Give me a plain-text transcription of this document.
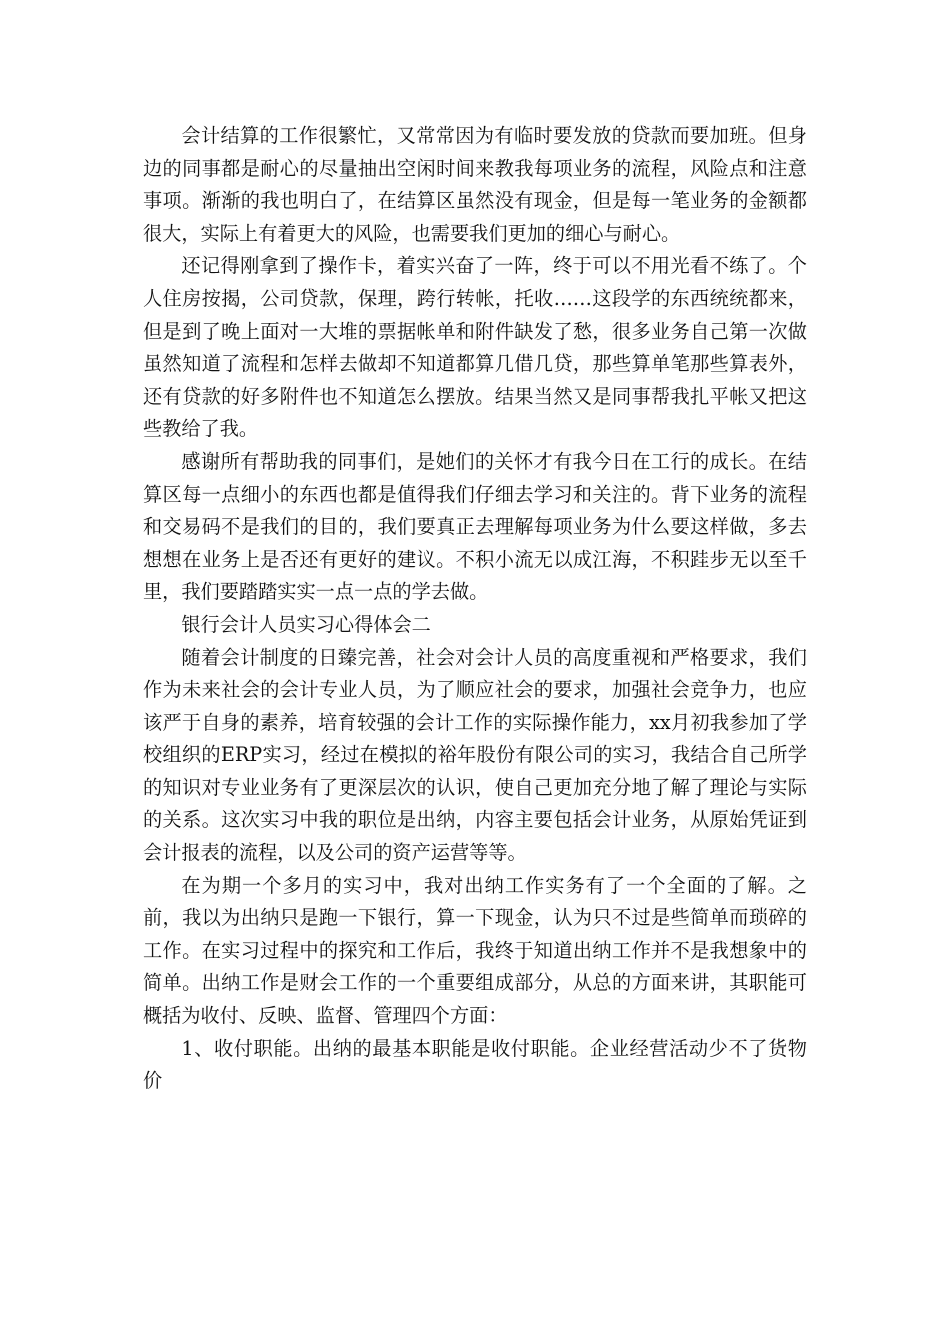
会计结算的工作很繁忙，又常常因为有临时要发放的贷款而要加班。但身边的同事都是耐心的尽量抽出空闲时间来教我每项业务的流程，风险点和注意事项。渐渐的我也明白了，在结算区虽然没有现金，但是每一笔业务的金额都很大，实际上有着更大的风险，也需要我们更加的细心与耐心。

还记得刚拿到了操作卡，着实兴奋了一阵，终于可以不用光看不练了。个人住房按揭，公司贷款，保理，跨行转帐，托收……这段学的东西统统都来，但是到了晚上面对一大堆的票据帐单和附件缺发了愁，很多业务自己第一次做虽然知道了流程和怎样去做却不知道都算几借几贷，那些算单笔那些算表外，还有贷款的好多附件也不知道怎么摆放。结果当然又是同事帮我扎平帐又把这些教给了我。

感谢所有帮助我的同事们，是她们的关怀才有我今日在工行的成长。在结算区每一点细小的东西也都是值得我们仔细去学习和关注的。背下业务的流程和交易码不是我们的目的，我们要真正去理解每项业务为什么要这样做，多去想想在业务上是否还有更好的建议。不积小流无以成江海，不积跬步无以至千里，我们要踏踏实实一点一点的学去做。

银行会计人员实习心得体会二

随着会计制度的日臻完善，社会对会计人员的高度重视和严格要求，我们作为未来社会的会计专业人员，为了顺应社会的要求，加强社会竞争力，也应该严于自身的素养，培育较强的会计工作的实际操作能力，xx月初我参加了学校组织的ERP实习，经过在模拟的裕年股份有限公司的实习，我结合自己所学的知识对专业业务有了更深层次的认识，使自己更加充分地了解了理论与实际的关系。这次实习中我的职位是出纳，内容主要包括会计业务，从原始凭证到会计报表的流程，以及公司的资产运营等等。

在为期一个多月的实习中，我对出纳工作实务有了一个全面的了解。之前，我以为出纳只是跑一下银行，算一下现金，认为只不过是些简单而琐碎的工作。在实习过程中的探究和工作后，我终于知道出纳工作并不是我想象中的简单。出纳工作是财会工作的一个重要组成部分，从总的方面来讲，其职能可概括为收付、反映、监督、管理四个方面：

1、收付职能。出纳的最基本职能是收付职能。企业经营活动少不了货物价
